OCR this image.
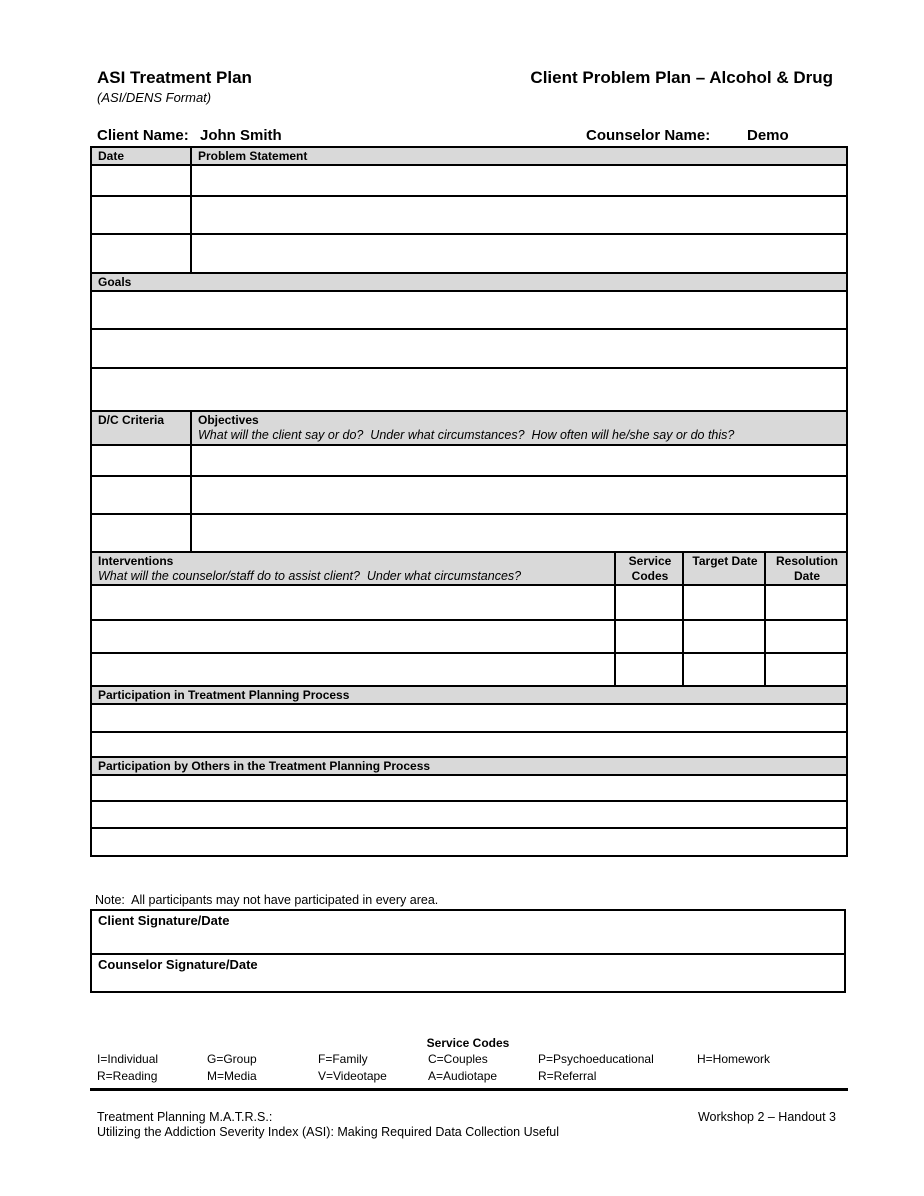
ASI Treatment Plan
(ASI/DENS Format)
Client Problem Plan – Alcohol & Drug
Client Name: John Smith	Counselor Name: Demo
Date	Problem Statement			

Goals				

D/C Criteria	Objectives
What will the client say or do?  Under what circumstances?  How often will he/she say or do this?			

Interventions
What will the counselor/staff do to assist client?  Under what circumstances?		Service Codes	Target Date	Resolution Date

Participation in Treatment Planning Process				

Participation by Others in the Treatment Planning Process				

Note:  All participants may not have participated in every area.
Client Signature/Date
Counselor Signature/Date
Service Codes
I=Individual	G=Group	F=Family	C=Couples	P=Psychoeducational	H=Homework
R=Reading	M=Media	V=Videotape	A=Audiotape	R=Referral
Treatment Planning M.A.T.R.S.:
Utilizing the Addiction Severity Index (ASI): Making Required Data Collection Useful
Workshop 2 – Handout 3
